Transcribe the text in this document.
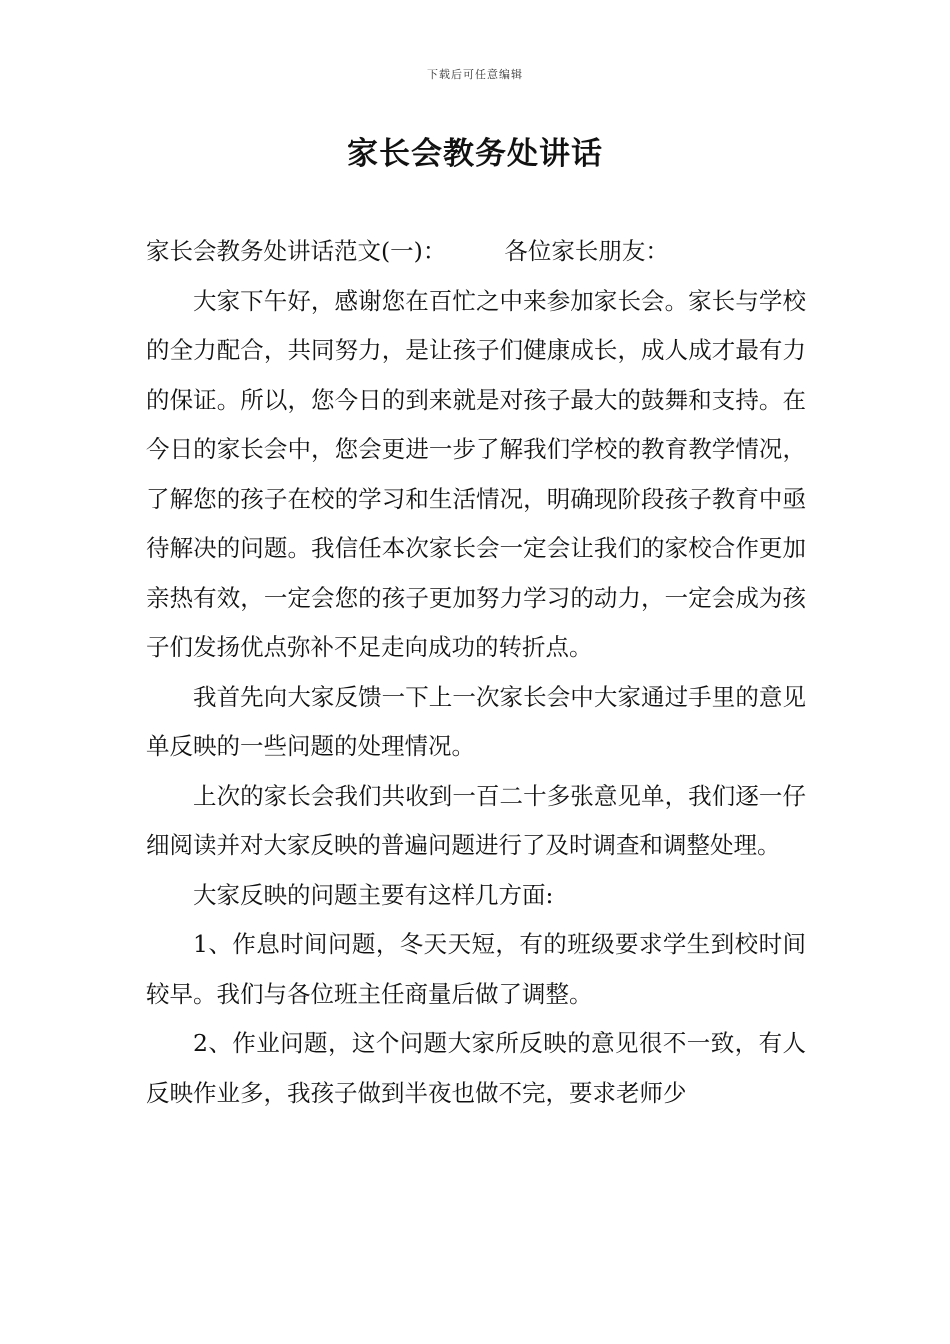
下载后可任意编辑
家长会教务处讲话

家长会教务处讲话范文(一)： 各位家长朋友：

大家下午好，感谢您在百忙之中来参加家长会。家长与学校的全力配合，共同努力，是让孩子们健康成长，成人成才最有力的保证。所以，您今日的到来就是对孩子最大的鼓舞和支持。在今日的家长会中，您会更进一步了解我们学校的教育教学情况，了解您的孩子在校的学习和生活情况，明确现阶段孩子教育中亟待解决的问题。我信任本次家长会一定会让我们的家校合作更加亲热有效，一定会您的孩子更加努力学习的动力，一定会成为孩子们发扬优点弥补不足走向成功的转折点。

我首先向大家反馈一下上一次家长会中大家通过手里的意见单反映的一些问题的处理情况。

上次的家长会我们共收到一百二十多张意见单，我们逐一仔细阅读并对大家反映的普遍问题进行了及时调查和调整处理。

大家反映的问题主要有这样几方面:

1、作息时间问题，冬天天短，有的班级要求学生到校时间较早。我们与各位班主任商量后做了调整。

2、作业问题，这个问题大家所反映的意见很不一致，有人反映作业多，我孩子做到半夜也做不完，要求老师少
